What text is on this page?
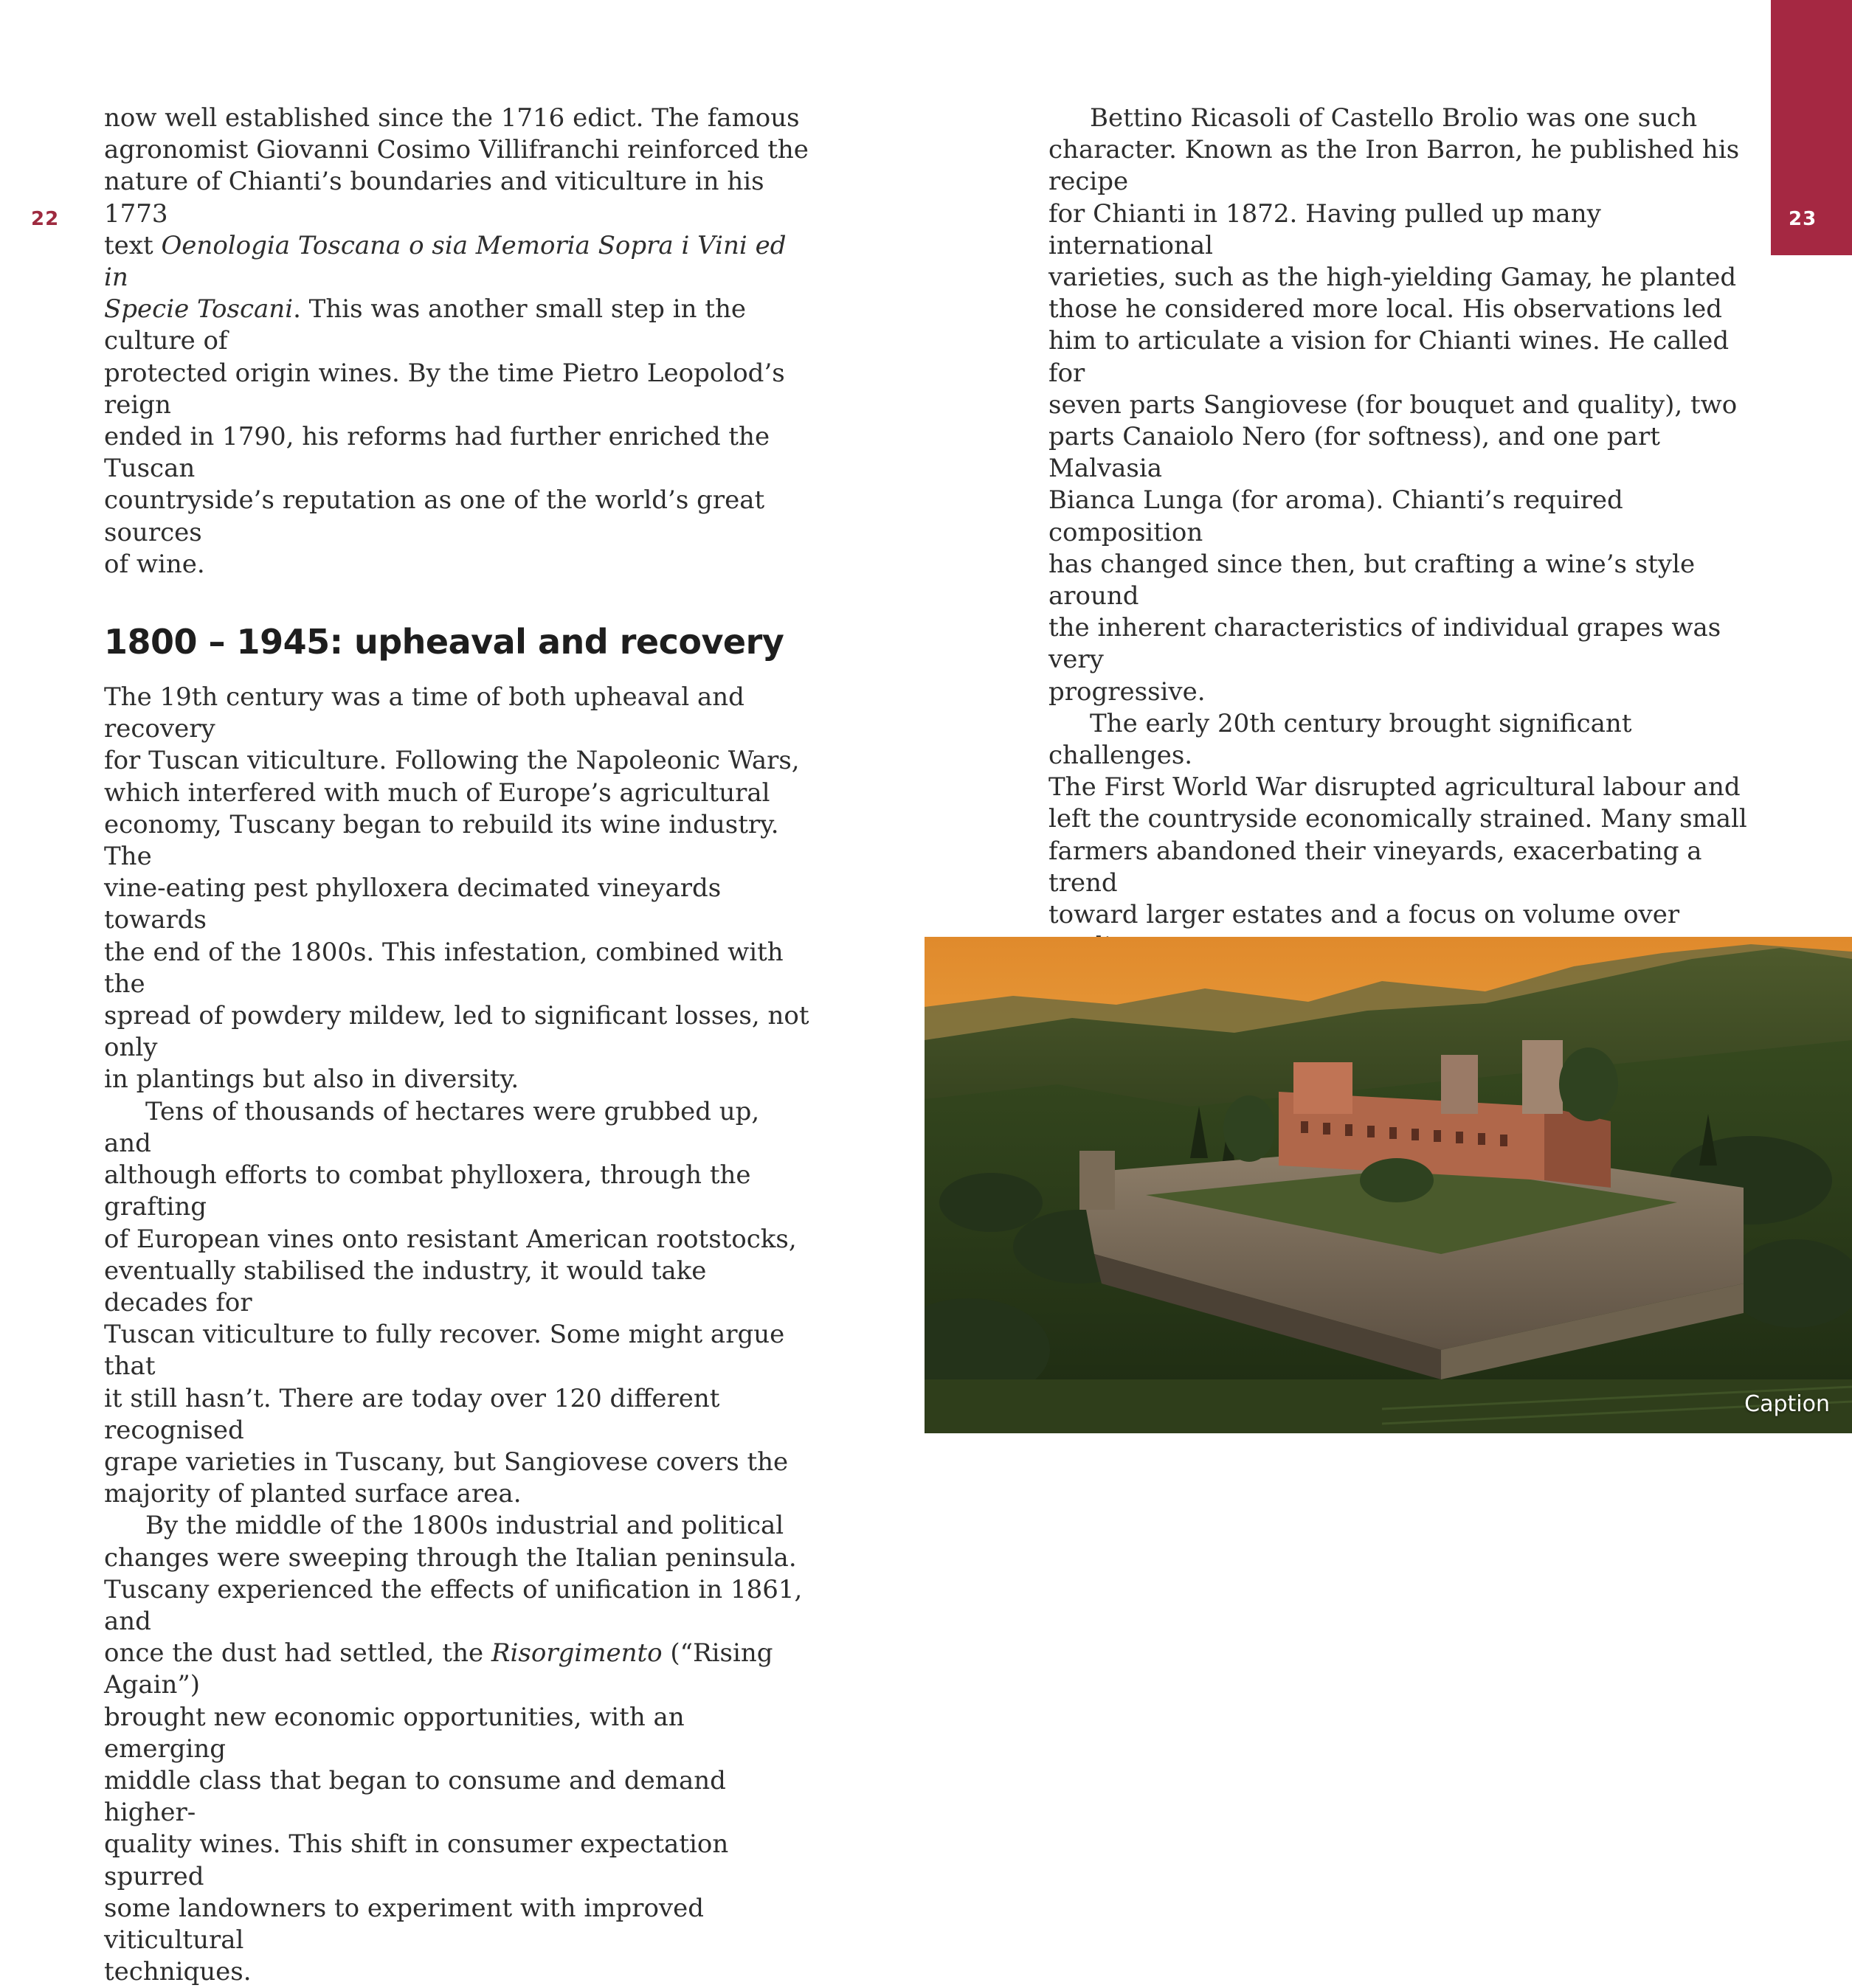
22

now well established since the 1716 edict. The famous
agronomist Giovanni Cosimo Villifranchi reinforced the
nature of Chianti’s boundaries and viticulture in his 1773
text Oenologia Toscana o sia Memoria Sopra i Vini ed in
Specie Toscani. This was another small step in the culture of
protected origin wines. By the time Pietro Leopolod’s reign
ended in 1790, his reforms had further enriched the Tuscan
countryside’s reputation as one of the world’s great sources
of wine.

1800 – 1945: upheaval and recovery

The 19th century was a time of both upheaval and recovery
for Tuscan viticulture. Following the Napoleonic Wars,
which interfered with much of Europe’s agricultural
economy, Tuscany began to rebuild its wine industry. The
vine-eating pest phylloxera decimated vineyards towards
the end of the 1800s. This infestation, combined with the
spread of powdery mildew, led to significant losses, not only
in plantings but also in diversity.

Tens of thousands of hectares were grubbed up, and
although efforts to combat phylloxera, through the grafting
of European vines onto resistant American rootstocks,
eventually stabilised the industry, it would take decades for
Tuscan viticulture to fully recover. Some might argue that
it still hasn’t. There are today over 120 different recognised
grape varieties in Tuscany, but Sangiovese covers the
majority of planted surface area.

By the middle of the 1800s industrial and political
changes were sweeping through the Italian peninsula.
Tuscany experienced the effects of unification in 1861, and
once the dust had settled, the Risorgimento (“Rising Again”)
brought new economic opportunities, with an emerging
middle class that began to consume and demand higher-
quality wines. This shift in consumer expectation spurred
some landowners to experiment with improved viticultural
techniques.

23

Bettino Ricasoli of Castello Brolio was one such
character. Known as the Iron Barron, he published his recipe
for Chianti in 1872. Having pulled up many international
varieties, such as the high-yielding Gamay, he planted
those he considered more local. His observations led
him to articulate a vision for Chianti wines. He called for
seven parts Sangiovese (for bouquet and quality), two
parts Canaiolo Nero (for softness), and one part Malvasia
Bianca Lunga (for aroma). Chianti’s required composition
has changed since then, but crafting a wine’s style around
the inherent characteristics of individual grapes was very
progressive.

The early 20th century brought significant challenges.
The First World War disrupted agricultural labour and
left the countryside economically strained. Many small
farmers abandoned their vineyards, exacerbating a trend
toward larger estates and a focus on volume over

Caption
